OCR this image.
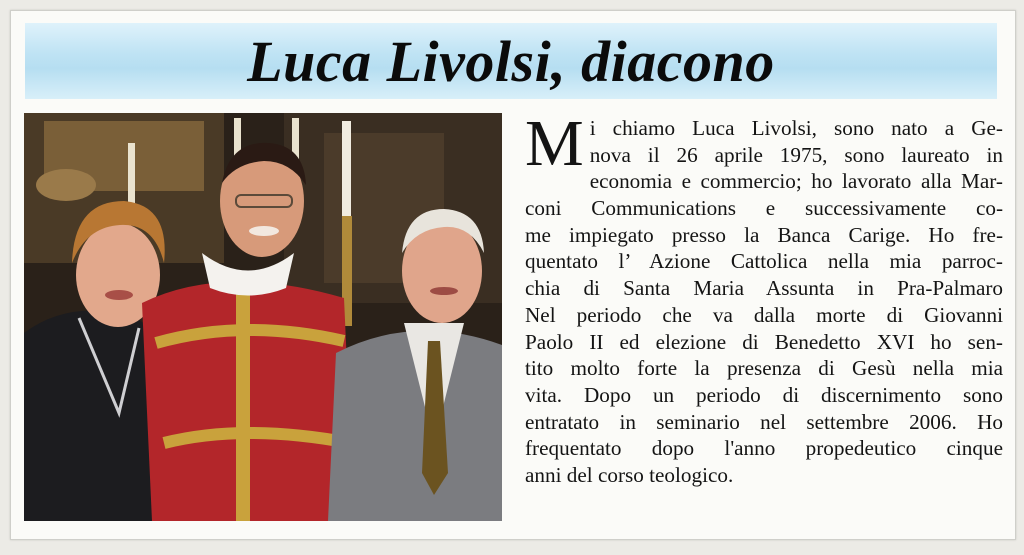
Luca Livolsi, diacono
M i chiamo Luca Livolsi, sono nato a Ge-
nova il 26 aprile 1975, sono laureato in
economia e commercio; ho lavorato alla Mar-
coni Communications e successivamente co-
me impiegato presso la Banca Carige. Ho fre-
quentato l’ Azione Cattolica nella mia parroc-
chia di Santa Maria Assunta in Pra-Palmaro
Nel periodo che va dalla morte di Giovanni
Paolo II ed elezione di Benedetto XVI ho sen-
tito molto forte la presenza di Gesù nella mia
vita. Dopo un periodo di discernimento sono
entratato in seminario nel settembre 2006. Ho
frequentato dopo l'anno propedeutico cinque
anni del corso teologico.
